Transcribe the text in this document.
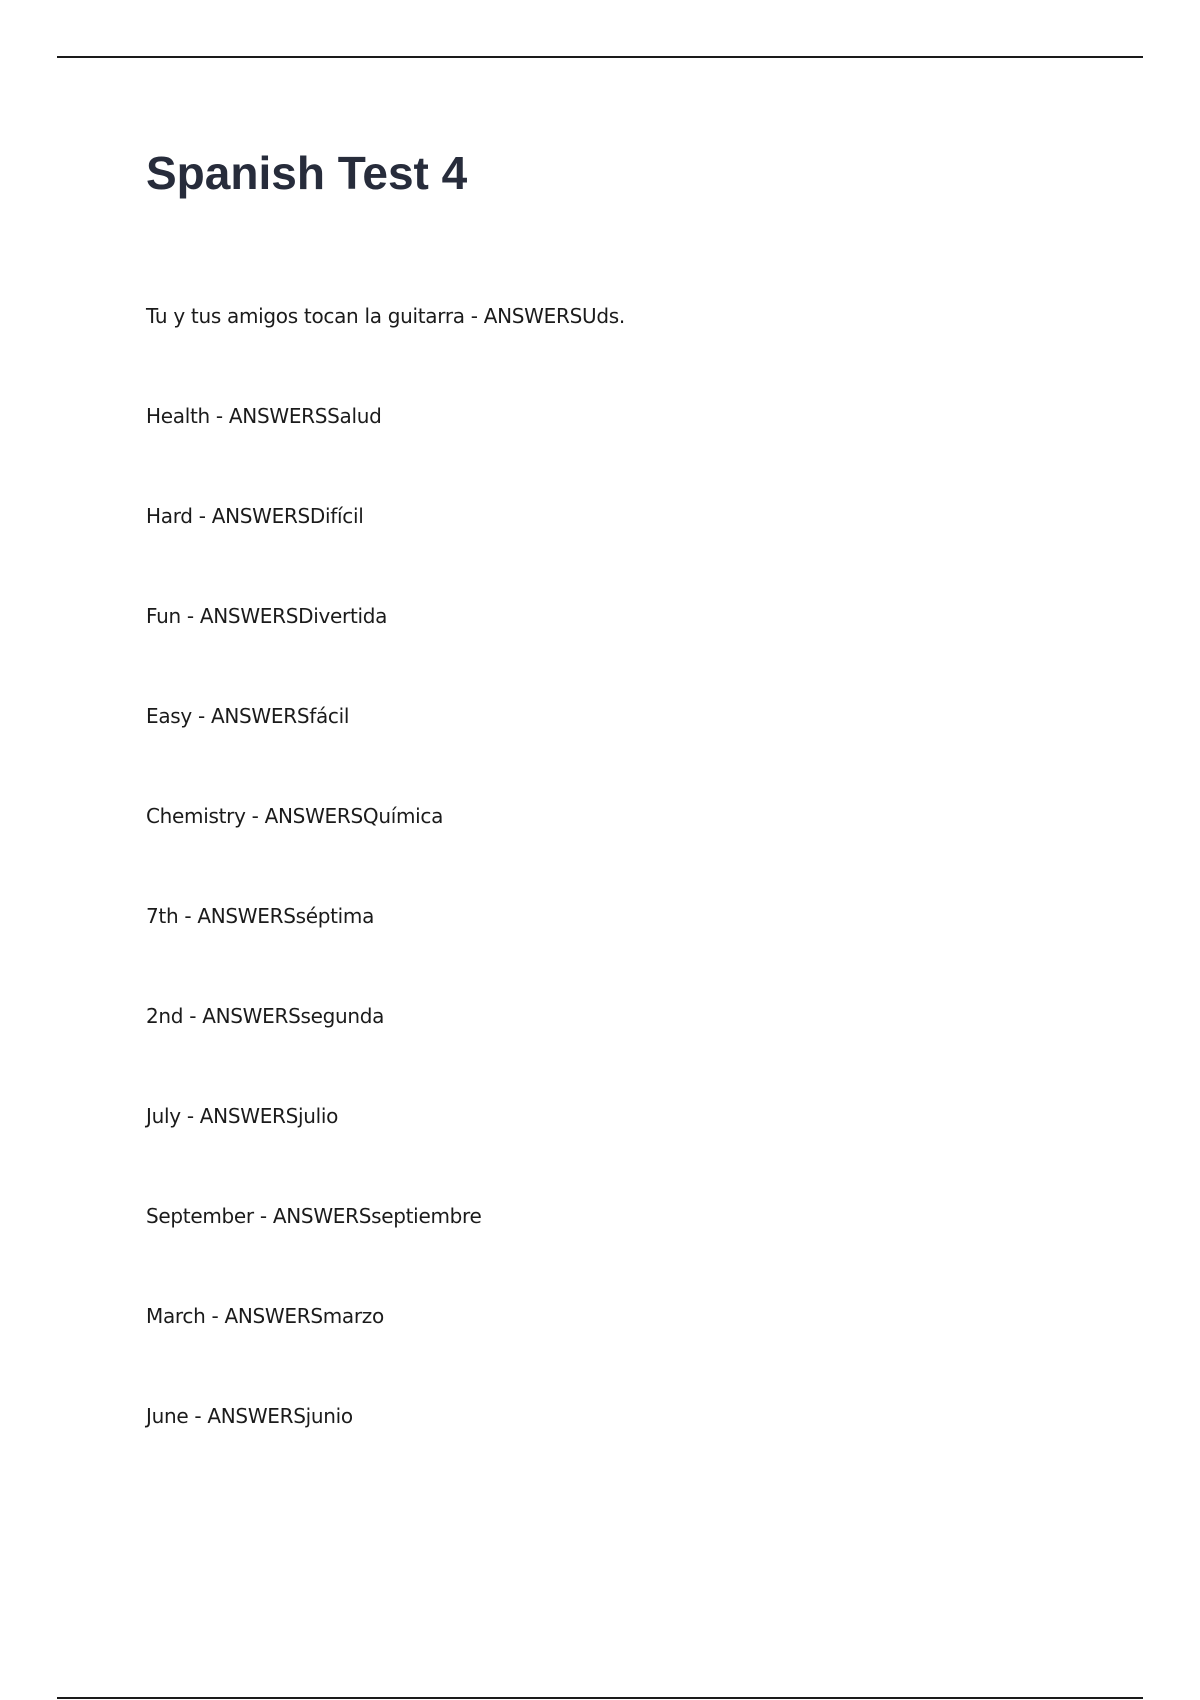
Spanish Test 4
Tu y tus amigos tocan la guitarra - ANSWERSUds.
Health - ANSWERSSalud
Hard - ANSWERSDifícil
Fun - ANSWERSDivertida
Easy - ANSWERSfácil
Chemistry - ANSWERSQuímica
7th - ANSWERSséptima
2nd - ANSWERSsegunda
July - ANSWERSjulio
September - ANSWERSseptiembre
March - ANSWERSmarzo
June - ANSWERSjunio
